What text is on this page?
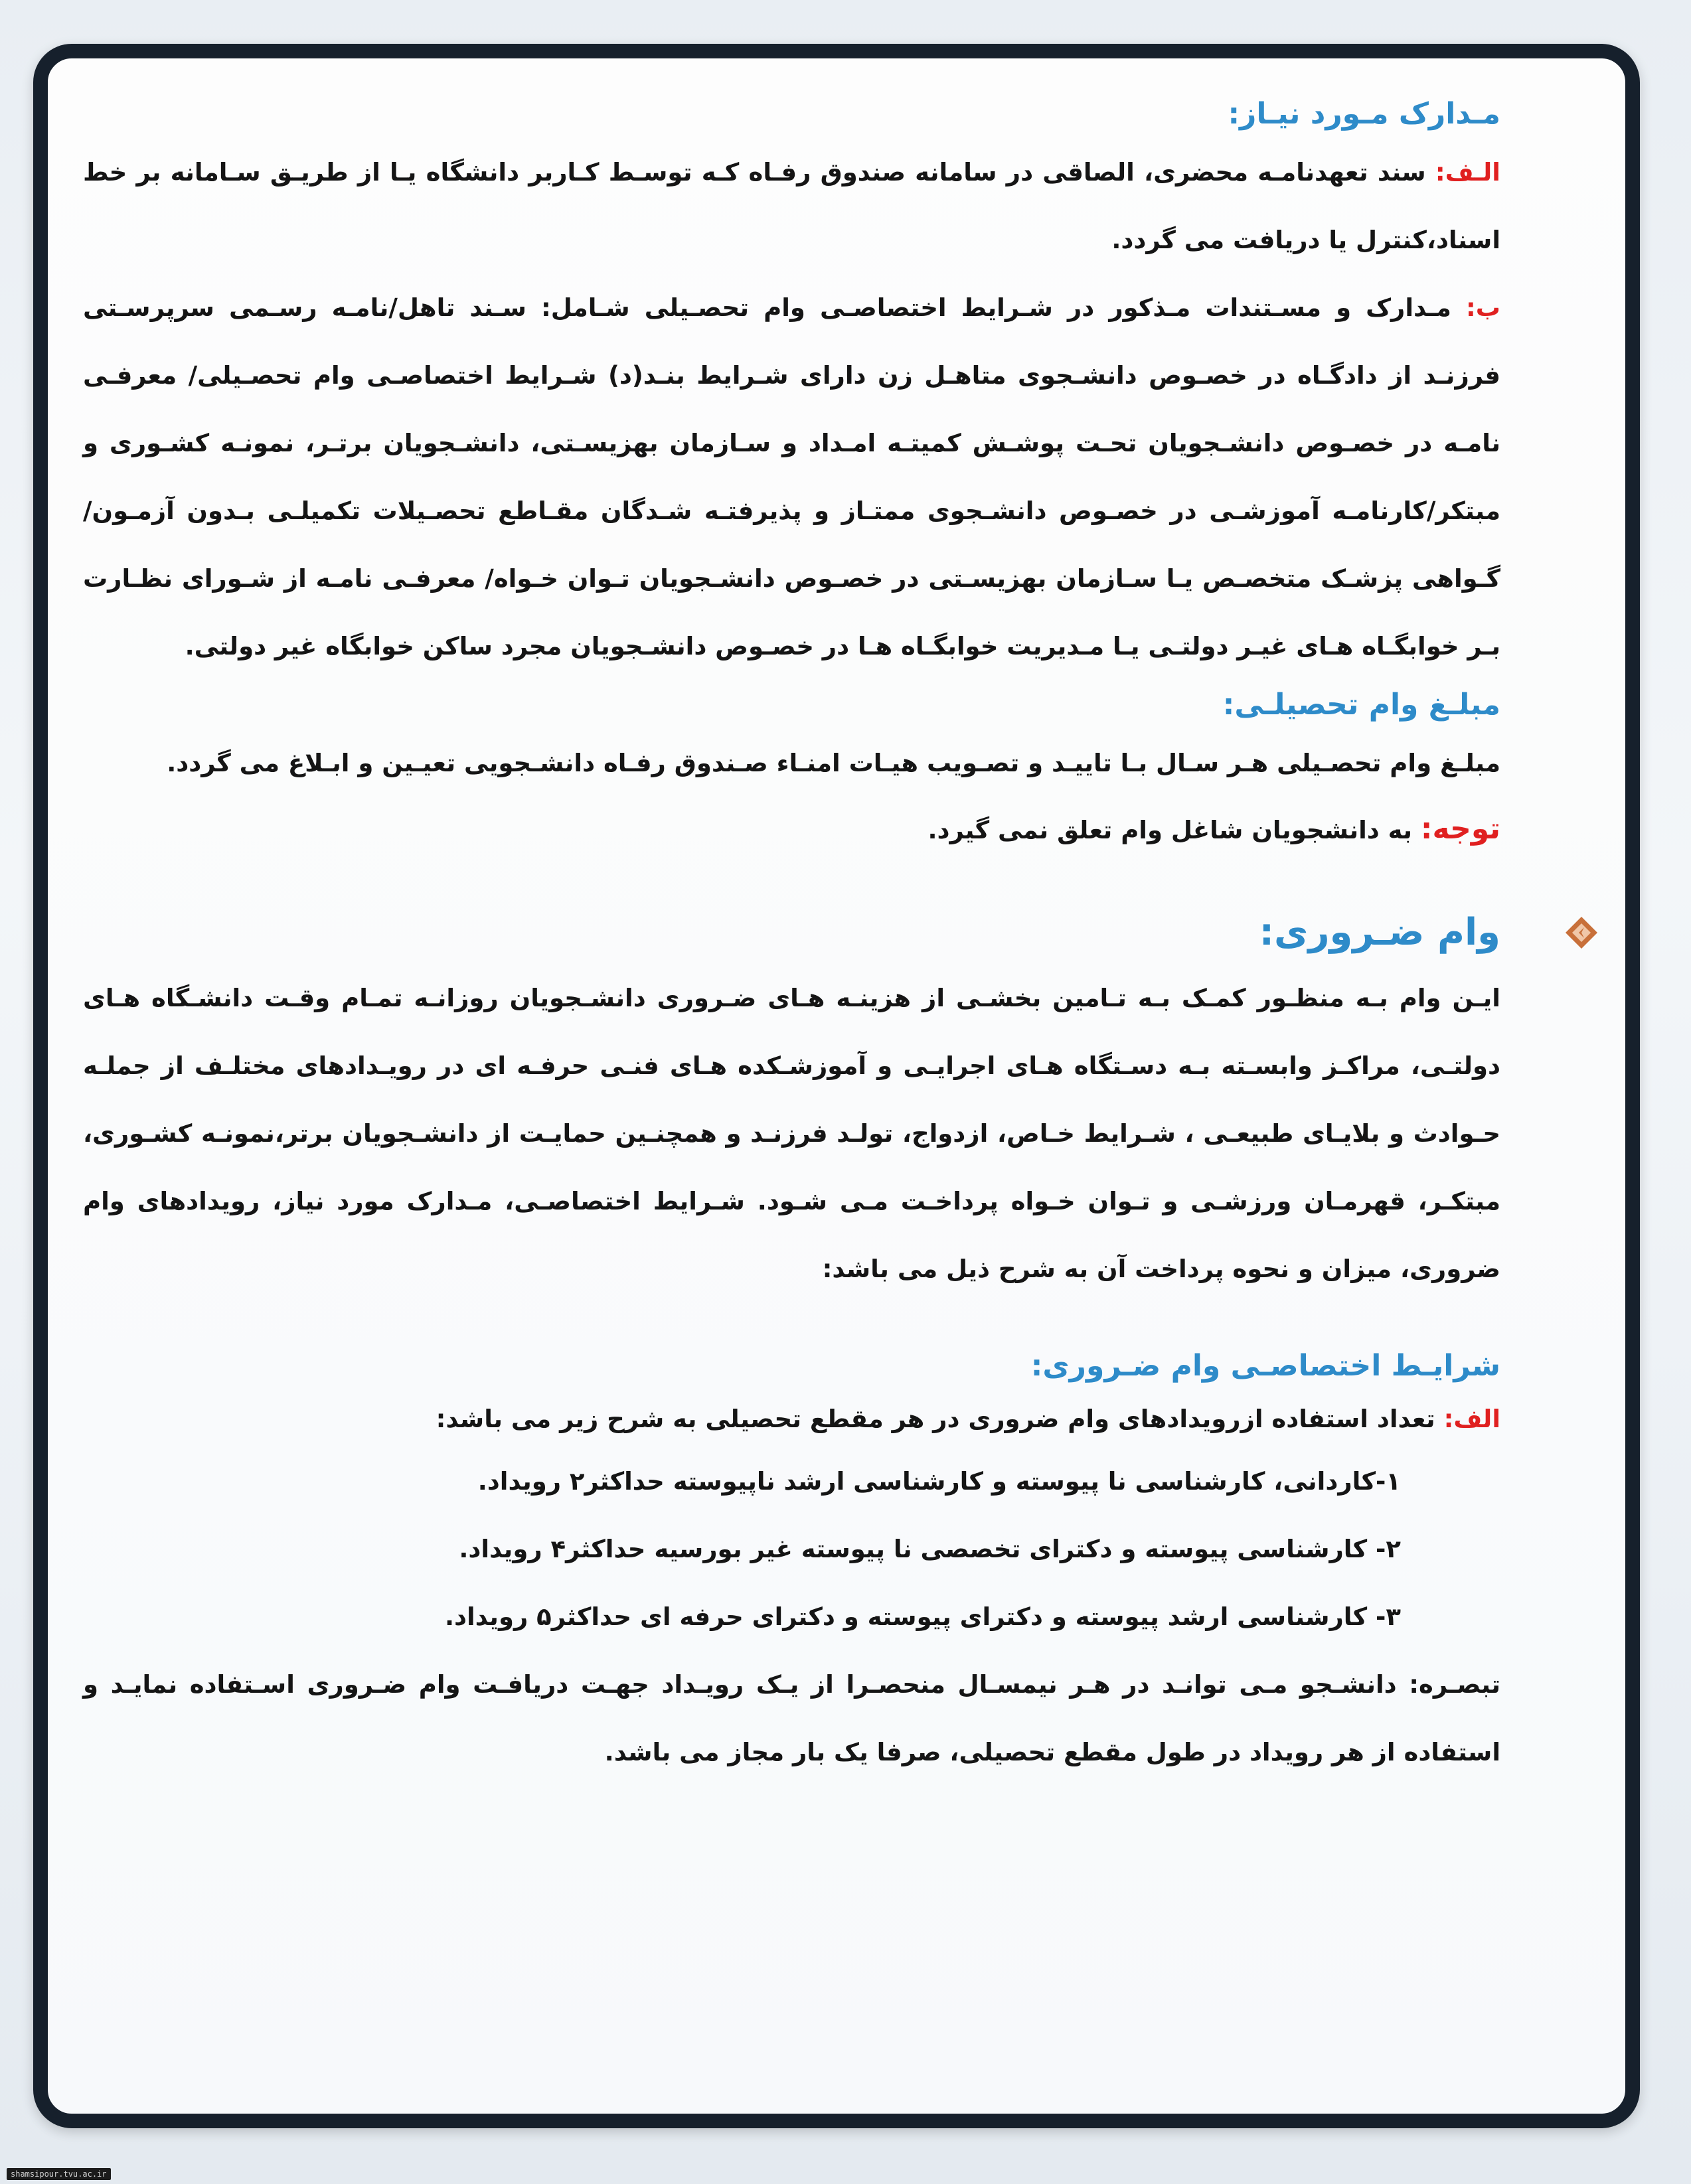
مـدارک مـورد نیـاز:

الـف: سند تعهدنامـه محضری، الصاقی در سامانه صندوق رفـاه کـه توسـط کـاربر دانشگاه یـا از طریـق سـامانه بر خط اسناد،کنترل یا دریافت می گردد.

ب: مـدارک و مسـتندات مـذکور در شـرایط اختصاصـی وام تحصـیلی شـامل: سـند تاهل/نامـه رسـمی سرپرسـتی فرزنـد از دادگـاه در خصـوص دانشـجوی متاهـل زن دارای شـرایط بنـد(د) شـرایط اختصاصـی وام تحصـیلی/ معرفـی نامـه در خصـوص دانشـجویان تحـت پوشـش کمیتـه امـداد و سـازمان بهزیسـتی، دانشـجویان برتـر، نمونـه کشـوری و مبتکر/کارنامـه آموزشـی در خصـوص دانشـجوی ممتـاز و پذیرفتـه شـدگان مقـاطع تحصـیلات تکمیلـی بـدون آزمـون/ گـواهی پزشـک متخصـص یـا سـازمان بهزیسـتی در خصـوص دانشـجویان تـوان خـواه/ معرفـی نامـه از شـورای نظـارت بـر خوابگـاه هـای غیـر دولتـی یـا مـدیریت خوابگـاه هـا در خصـوص دانشـجویان مجرد ساکن خوابگاه غیر دولتی.

مبلـغ وام تحصیلـی:

مبلـغ وام تحصـیلی هـر سـال بـا تاییـد و تصـویب هیـات امنـاء صـندوق رفـاه دانشـجویی تعیـین و ابـلاغ می گردد.

توجه: به دانشجویان شاغل وام تعلق نمی گیرد.

وام ضـروری:

ایـن وام بـه منظـور کمـک بـه تـامین بخشـی از هزینـه هـای ضـروری دانشـجویان روزانـه تمـام وقـت دانشـگاه هـای دولتـی، مراکـز وابسـته بـه دسـتگاه هـای اجرایـی و آموزشـکده هـای فنـی حرفـه ای در رویـدادهای مختلـف از جملـه حـوادث و بلایـای طبیعـی ، شـرایط خـاص، ازدواج، تولـد فرزنـد و همچنـین حمایـت از دانشـجویان برتر،نمونـه کشـوری، مبتکـر، قهرمـان ورزشـی و تـوان خـواه پرداخـت مـی شـود. شـرایط اختصاصـی، مـدارک مورد نیاز، رویدادهای وام ضروری، میزان و نحوه پرداخت آن به شرح ذیل می باشد:

شرایـط اختصاصـی وام ضـروری:

الف: تعداد استفاده ازرویدادهای وام ضروری در هر مقطع تحصیلی به شرح زیر می باشد:

۱-کاردانی، کارشناسی نا پیوسته و کارشناسی ارشد ناپیوسته حداکثر۲ رویداد.

۲- کارشناسی پیوسته و دکترای تخصصی نا پیوسته غیر بورسیه حداکثر۴ رویداد.

۳- کارشناسی ارشد پیوسته و دکترای پیوسته و دکترای حرفه ای حداکثر۵ رویداد.

تبصـره: دانشـجو مـی توانـد در هـر نیمسـال منحصـرا از یـک رویـداد جهـت دریافـت وام ضـروری اسـتفاده نمایـد و استفاده از هر رویداد در طول مقطع تحصیلی، صرفا یک بار مجاز می باشد.

shamsipour.tvu.ac.ir
